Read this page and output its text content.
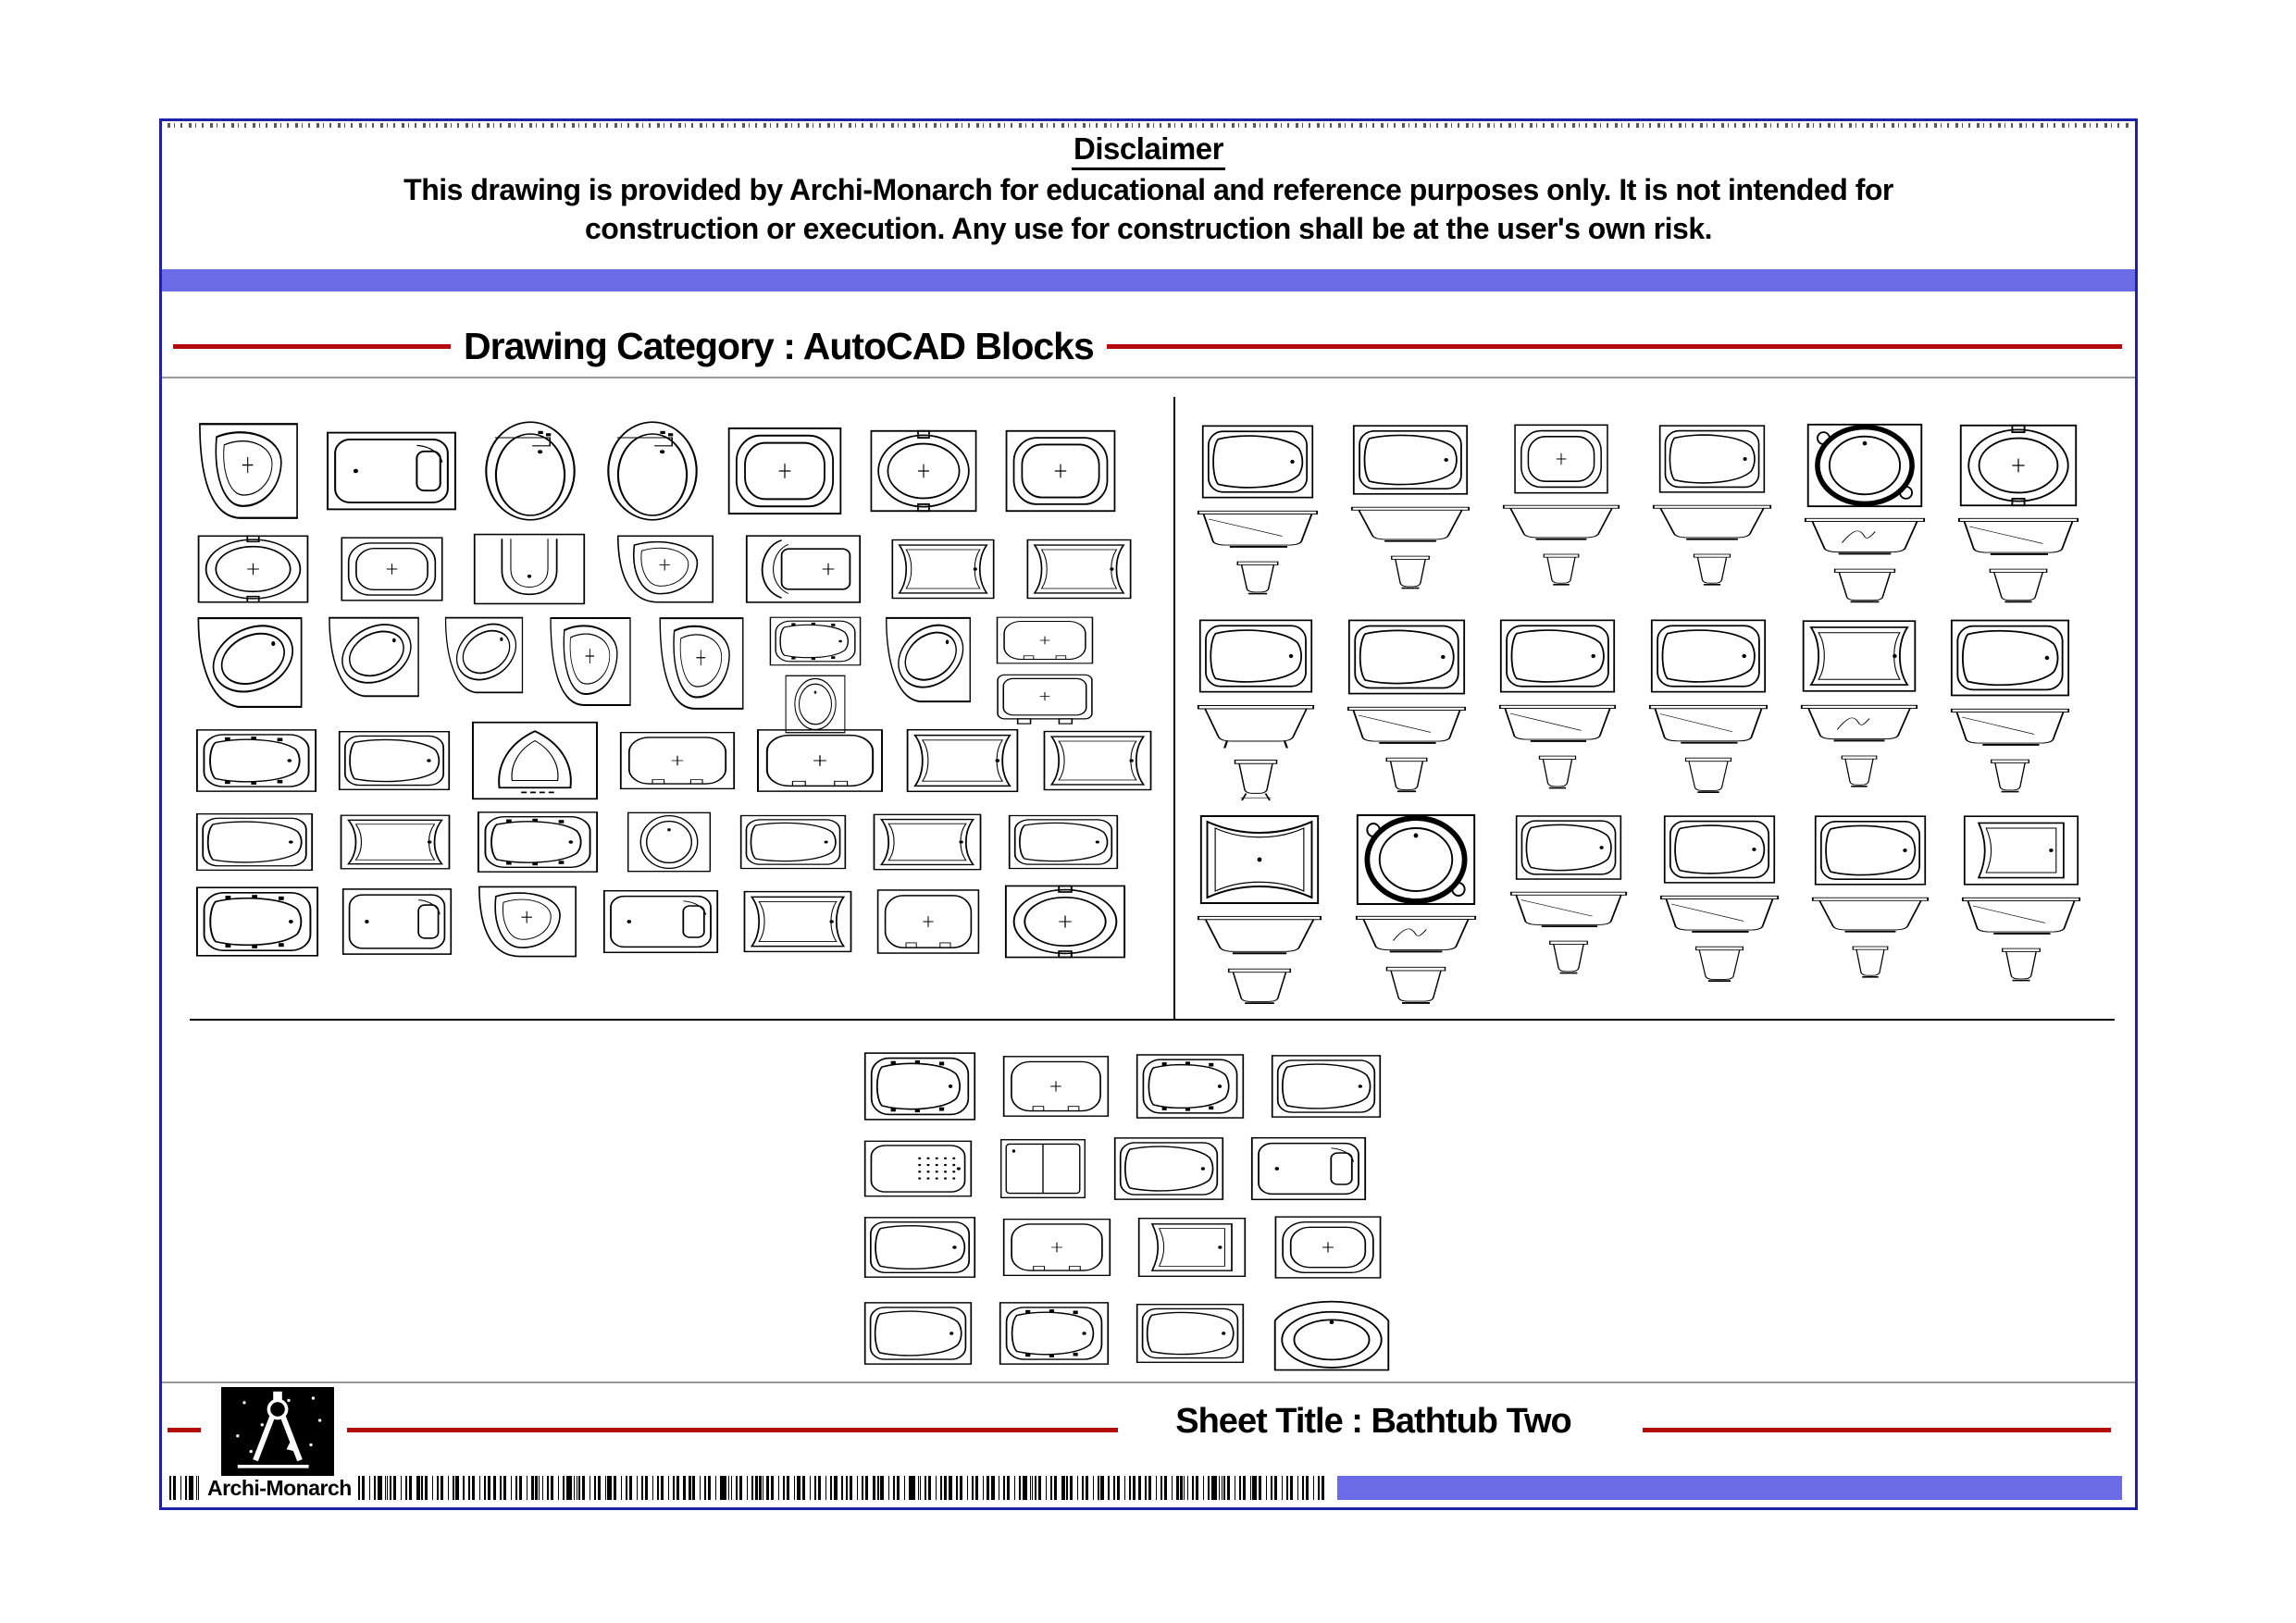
Disclaimer
This drawing is provided by Archi-Monarch for educational and reference purposes only. It is not intended for
construction or execution. Any use for construction shall be at the user's own risk.
Drawing Category : AutoCAD Blocks
Sheet Title : Bathtub Two
Archi-Monarch
